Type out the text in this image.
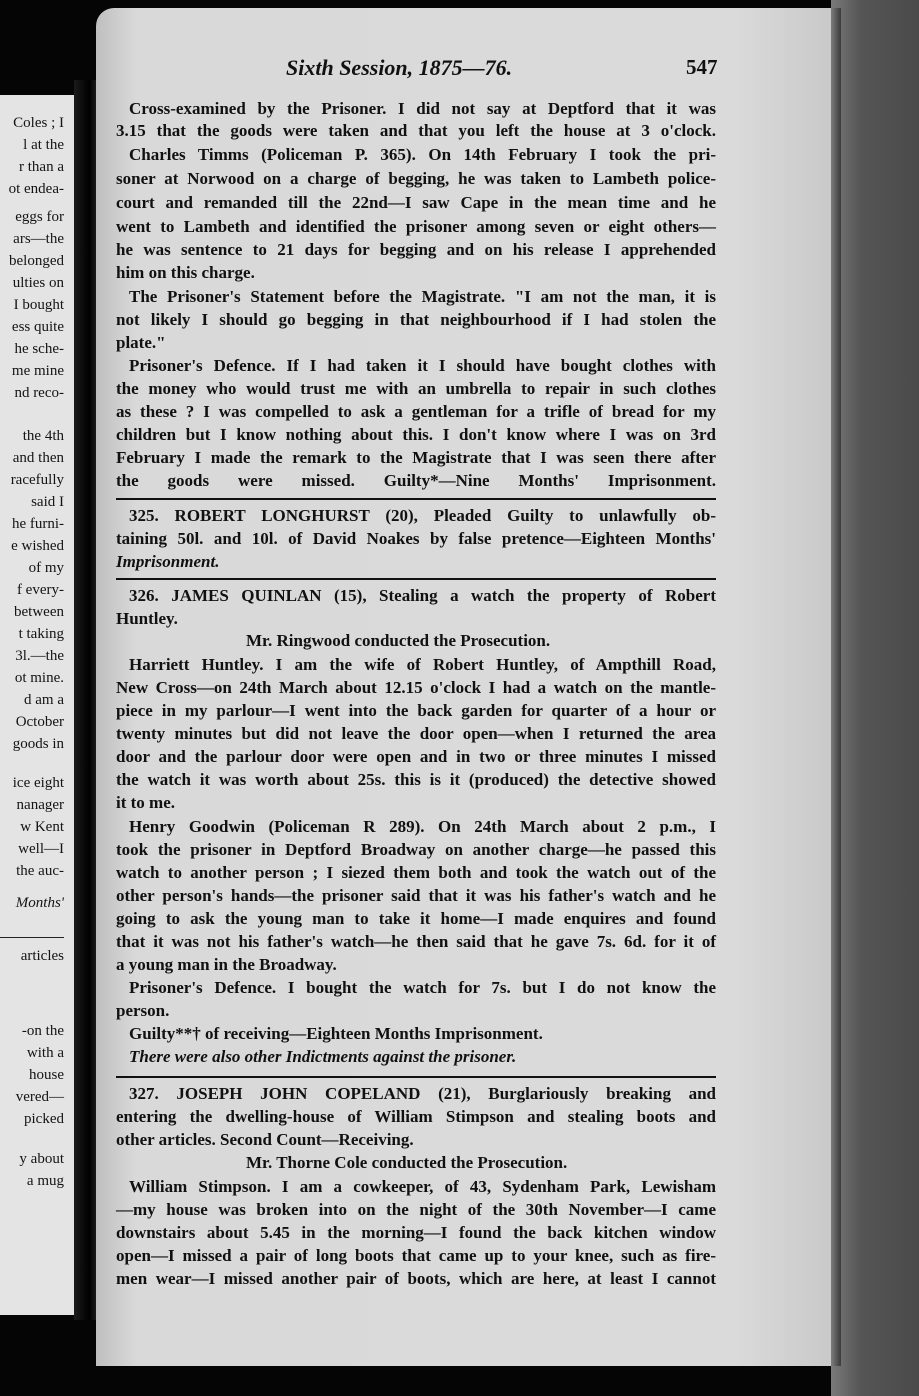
Coles ; I
l at the
r than a
ot endea-
eggs for
ars—the
belonged
ulties on
I bought
ess quite
he sche-
me mine
nd reco-
the 4th
and then
racefully
said I
he furni-
e wished
of my
f every-
between
t taking
3l.—the
ot mine.
d am a
October
goods in
ice eight
nanager
w Kent
well—I
the auc-
Months'
articles
-on the
with a
house
vered—
picked
y about
a mug
Sixth Session, 1875—76.	547
Cross-examined by the Prisoner. I did not say at Deptford that it was
3.15 that the goods were taken and that you left the house at 3 o'clock.
Charles Timms (Policeman P. 365). On 14th February I took the pri-
soner at Norwood on a charge of begging, he was taken to Lambeth police-
court and remanded till the 22nd—I saw Cape in the mean time and he
went to Lambeth and identified the prisoner among seven or eight others—
he was sentence to 21 days for begging and on his release I apprehended
him on this charge.
The Prisoner's Statement before the Magistrate. "I am not the man, it is
not likely I should go begging in that neighbourhood if I had stolen the
plate."
Prisoner's Defence. If I had taken it I should have bought clothes with
the money who would trust me with an umbrella to repair in such clothes
as these ? I was compelled to ask a gentleman for a trifle of bread for my
children but I know nothing about this. I don't know where I was on 3rd
February I made the remark to the Magistrate that I was seen there after
the goods were missed. Guilty*—Nine Months' Imprisonment.
325. ROBERT LONGHURST (20), Pleaded Guilty to unlawfully ob-
taining 50l. and 10l. of David Noakes by false pretence—Eighteen Months'
Imprisonment.
326. JAMES QUINLAN (15), Stealing a watch the property of Robert
Huntley.
Mr. Ringwood conducted the Prosecution.
Harriett Huntley. I am the wife of Robert Huntley, of Ampthill Road,
New Cross—on 24th March about 12.15 o'clock I had a watch on the mantle-
piece in my parlour—I went into the back garden for quarter of a hour or
twenty minutes but did not leave the door open—when I returned the area
door and the parlour door were open and in two or three minutes I missed
the watch it was worth about 25s. this is it (produced) the detective showed
it to me.
Henry Goodwin (Policeman R 289). On 24th March about 2 p.m., I
took the prisoner in Deptford Broadway on another charge—he passed this
watch to another person ; I siezed them both and took the watch out of the
other person's hands—the prisoner said that it was his father's watch and he
going to ask the young man to take it home—I made enquires and found
that it was not his father's watch—he then said that he gave 7s. 6d. for it of
a young man in the Broadway.
Prisoner's Defence. I bought the watch for 7s. but I do not know the
person.
Guilty**† of receiving—Eighteen Months Imprisonment.
There were also other Indictments against the prisoner.
327. JOSEPH JOHN COPELAND (21), Burglariously breaking and
entering the dwelling-house of William Stimpson and stealing boots and
other articles. Second Count—Receiving.
Mr. Thorne Cole conducted the Prosecution.
William Stimpson. I am a cowkeeper, of 43, Sydenham Park, Lewisham
—my house was broken into on the night of the 30th November—I came
downstairs about 5.45 in the morning—I found the back kitchen window
open—I missed a pair of long boots that came up to your knee, such as fire-
men wear—I missed another pair of boots, which are here, at least I cannot
